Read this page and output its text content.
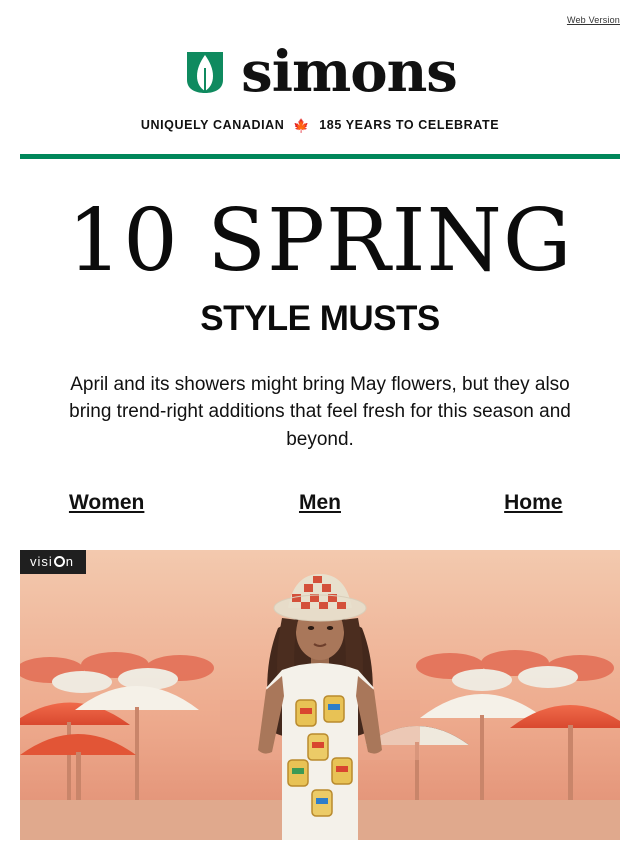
Web Version
simons
UNIQUELY CANADIAN 🍁 185 YEARS TO CELEBRATE
10 SPRING
STYLE MUSTS
April and its showers might bring May flowers, but they also bring trend-right additions that feel fresh for this season and beyond.
Women	Men	Home
visi n
